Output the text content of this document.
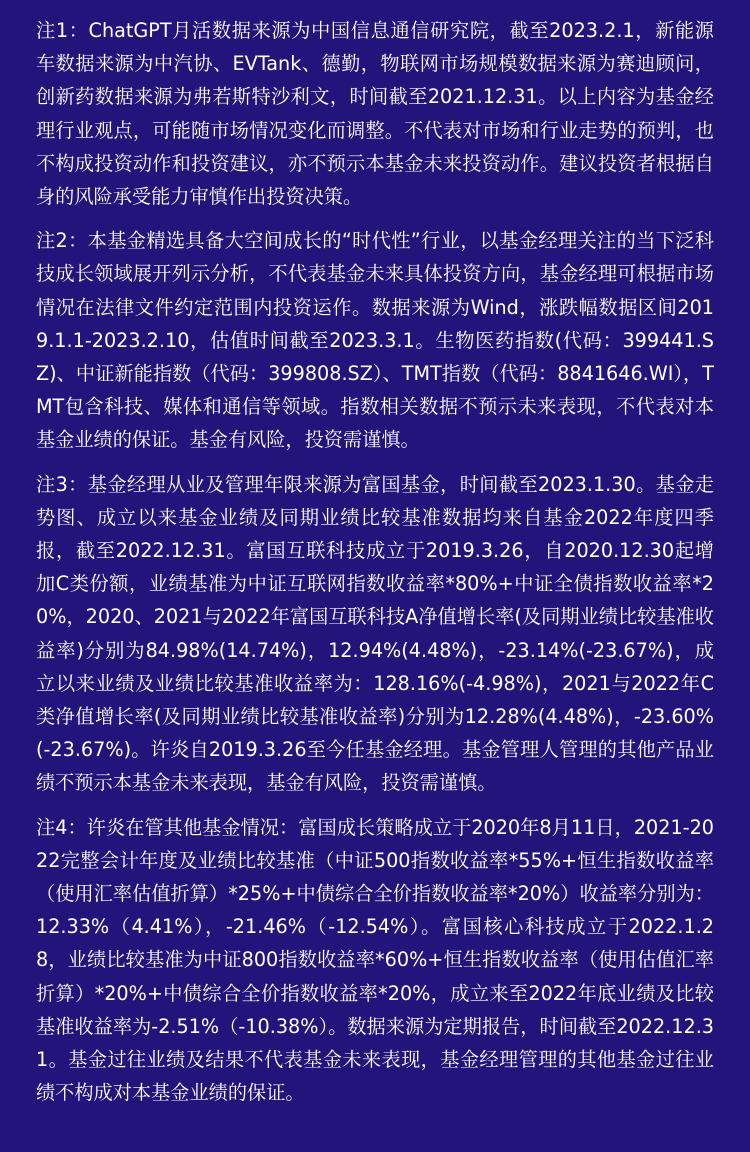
注1：ChatGPT月活数据来源为中国信息通信研究院，截至2023.2.1，新能源车数据来源为中汽协、EVTank、德勤，物联网市场规模数据来源为赛迪顾问，创新药数据来源为弗若斯特沙利文，时间截至2021.12.31。以上内容为基金经理行业观点，可能随市场情况变化而调整。不代表对市场和行业走势的预判，也不构成投资动作和投资建议，亦不预示本基金未来投资动作。建议投资者根据自身的风险承受能力审慎作出投资决策。

注2：本基金精选具备大空间成长的“时代性”行业，以基金经理关注的当下泛科技成长领域展开列示分析，不代表基金未来具体投资方向，基金经理可根据市场情况在法律文件约定范围内投资运作。数据来源为Wind，涨跌幅数据区间2019.1.1-2023.2.10，估值时间截至2023.3.1。生物医药指数(代码：399441.SZ)、中证新能指数（代码：399808.SZ）、TMT指数（代码：8841646.WI），TMT包含科技、媒体和通信等领域。指数相关数据不预示未来表现，不代表对本基金业绩的保证。基金有风险，投资需谨慎。

注3：基金经理从业及管理年限来源为富国基金，时间截至2023.1.30。基金走势图、成立以来基金业绩及同期业绩比较基准数据均来自基金2022年度四季报，截至2022.12.31。富国互联科技成立于2019.3.26，自2020.12.30起增加C类份额，业绩基准为中证互联网指数收益率*80%+中证全债指数收益率*20%，2020、2021与2022年富国互联科技A净值增长率(及同期业绩比较基准收益率)分别为84.98%(14.74%)，12.94%(4.48%)，-23.14%(-23.67%)，成立以来业绩及业绩比较基准收益率为：128.16%(-4.98%)，2021与2022年C类净值增长率(及同期业绩比较基准收益率)分别为12.28%(4.48%)，-23.60%(-23.67%)。许炎自2019.3.26至今任基金经理。基金管理人管理的其他产品业绩不预示本基金未来表现，基金有风险，投资需谨慎。

注4：许炎在管其他基金情况：富国成长策略成立于2020年8月11日，2021-2022完整会计年度及业绩比较基准（中证500指数收益率*55%+恒生指数收益率（使用汇率估值折算）*25%+中债综合全价指数收益率*20%）收益率分别为：12.33%（4.41%），-21.46%（-12.54%）。富国核心科技成立于2022.1.28，业绩比较基准为中证800指数收益率*60%+恒生指数收益率（使用估值汇率折算）*20%+中债综合全价指数收益率*20%，成立来至2022年底业绩及比较基准收益率为-2.51%（-10.38%）。数据来源为定期报告，时间截至2022.12.31。基金过往业绩及结果不代表基金未来表现，基金经理管理的其他基金过往业绩不构成对本基金业绩的保证。
